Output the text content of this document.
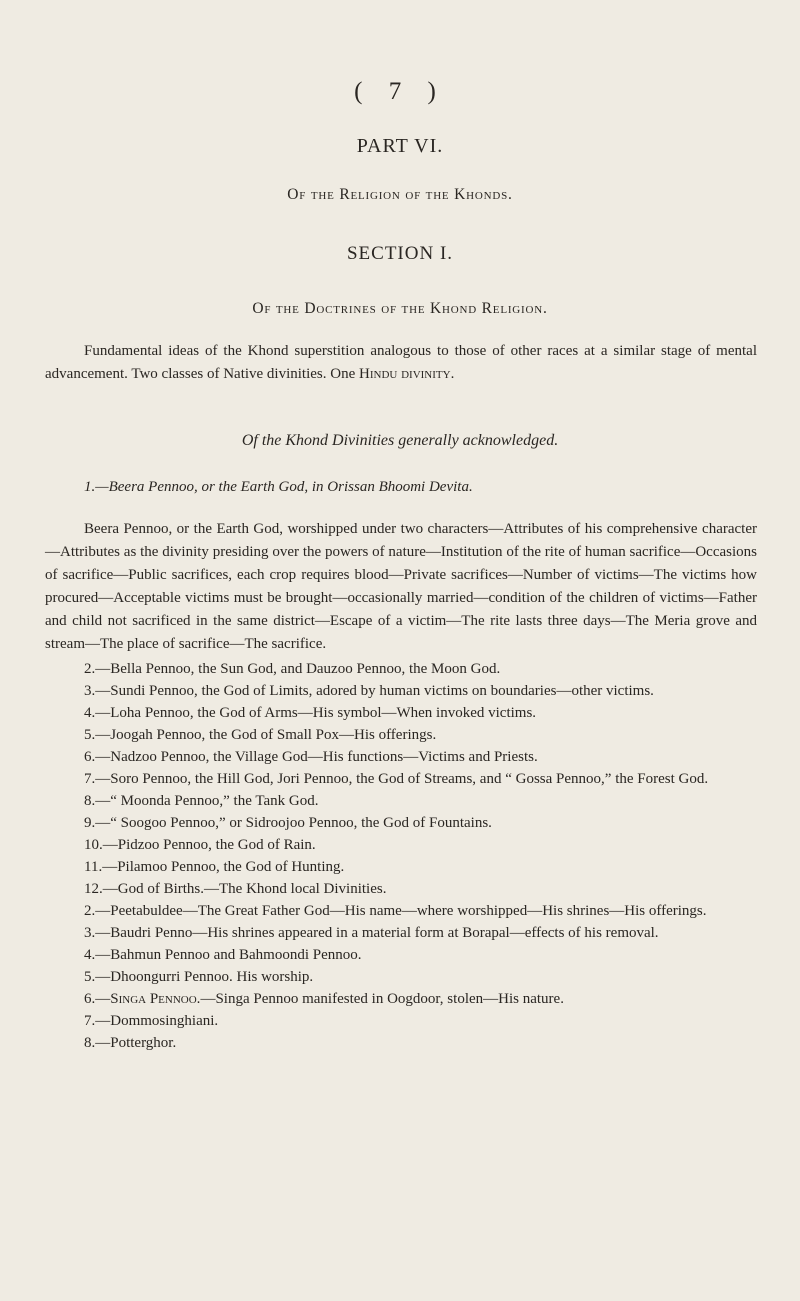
( 7 )
PART VI.
Of the Religion of the Khonds.
SECTION I.
Of the Doctrines of the Khond Religion.
Fundamental ideas of the Khond superstition analogous to those of other races at a similar stage of mental advancement. Two classes of Native divinities. One Hindu divinity.
Of the Khond Divinities generally acknowledged.
1.—Beera Pennoo, or the Earth God, in Orissan Bhoomi Devita.
Beera Pennoo, or the Earth God, worshipped under two characters—Attributes of his comprehensive character—Attributes as the divinity presiding over the powers of nature—Institution of the rite of human sacrifice—Occasions of sacrifice—Public sacrifices, each crop requires blood—Private sacrifices—Number of victims—The victims how procured—Acceptable victims must be brought—occasionally married—condition of the children of victims—Father and child not sacrificed in the same district—Escape of a victim—The rite lasts three days—The Meria grove and stream—The place of sacrifice—The sacrifice.

2.—Bella Pennoo, the Sun God, and Dauzoo Pennoo, the Moon God.

3.—Sundi Pennoo, the God of Limits, adored by human victims on boundaries—other victims.

4.—Loha Pennoo, the God of Arms—His symbol—When invoked victims.

5.—Joogah Pennoo, the God of Small Pox—His offerings.

6.—Nadzoo Pennoo, the Village God—His functions—Victims and Priests.

7.—Soro Pennoo, the Hill God, Jori Pennoo, the God of Streams, and “ Gossa Pennoo,” the Forest God.

8.—“ Moonda Pennoo,” the Tank God.

9.—“ Soogoo Pennoo,” or Sidroojoo Pennoo, the God of Fountains.

10.—Pidzoo Pennoo, the God of Rain.

11.—Pilamoo Pennoo, the God of Hunting.

12.—God of Births.—The Khond local Divinities.

2.—Peetabuldee—The Great Father God—His name—where worshipped—His shrines—His offerings.

3.—Baudri Penno—His shrines appeared in a material form at Borapal—effects of his removal.

4.—Bahmun Pennoo and Bahmoondi Pennoo.

5.—Dhoongurri Pennoo. His worship.

6.—Singa Pennoo.—Singa Pennoo manifested in Oogdoor, stolen—His nature.

7.—Dommosinghiani.

8.—Potterghor.
